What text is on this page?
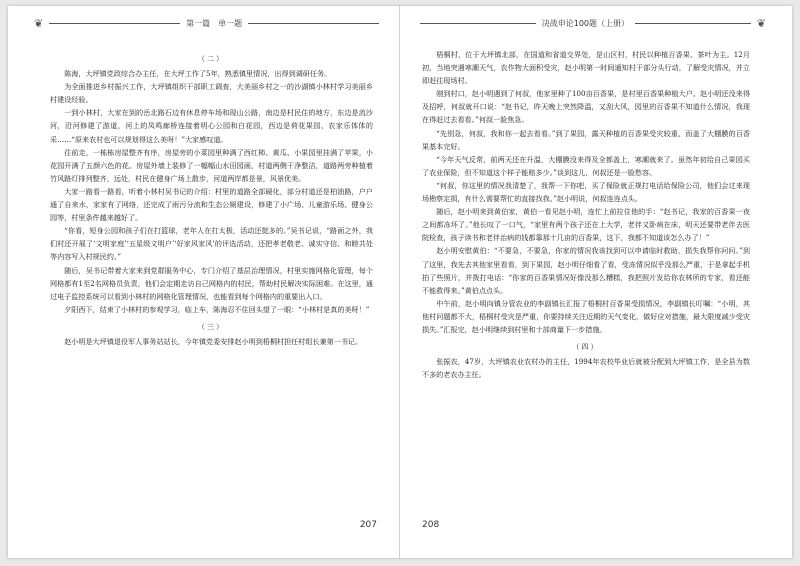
❦	第一篇　单一题

（二）

陈海，大坪镇党政综合办主任，在大坪工作了5年，熟悉镇里情况，出得到调研任务。

为全面推进乡村振兴工作，大坪镇组织干部职工调查，大美丽乡村之一的沙湖镇小林村学习美丽乡村建设经验。

一到小林村，大家在到的岳北路石边有休息停车场和现山公路，南边是村民住的地方，东边是流沙河，沿河修建了游道，河上的凤鸣廊桥连接着明心公园和白花园，西边是荷花果园、农家乐体体的采……“原来农村也可以规划得这么美呀！”大家感叹道。

往前走，一栋栋房屋整齐有序，房屋旁的小菜园里种满了西红柿、黄瓜、小果园里挂满了苹果，小花园开满了五颜六色的花。房屋外墙上装修了一幅幅山水田园画，村道两侧干净整洁，道路两旁种植着竹风路灯排列整齐，远处，村民在健身广场上散步，河道两岸都是景，风景优美。

大家一路看一路看，听着小林村吴书记的介绍：村里的道路全部硬化，部分村道还是柏油路，户户通了自来水，家家有了网络，还完成了雨污分流和生态公厕建设，修建了小广场、儿童游乐场、健身公园等，村里条件越来越好了。

“你看，短身公园和孩子们在打篮球，老年人在打太极，活动还挺多的。”吴书记说，“路面之外，我们村还开展了‘文明家庭’‘五星级文明户’‘好家风家风’的评选活动，还把孝老敬老、诚实守信、和睦共处等内容写入村规民约。”

随后，吴书记带着大家来到党群服务中心，专门介绍了基层治理情况，村里实施网格化管理，每个网格都有1至2名网格员负责，他们会定期走访自己网格内的村民，帮助村民解决实际困难。在这里，通过电子监控系统可以看到小林村的网格化管理情况，也能看到每个网格内的重要出入口。

夕阳西下，结束了小林村的参观学习，临上车，陈海忍不住回头望了一眼：“小林村是真的美呀！”

（三）

赵小明是大坪镇退役军人事务站站长，今年镇党委安排赵小明到梧桐村担任村组长兼第一书记。

207
决战申论100题（上册）	❦

梧桐村，位于大坪镇北部，在国道和省道交界处，是山区村，村民以种植百香果、茶叶为主。12月初，当地突遇寒潮天气，农作物大面积受灾，赵小明第一时间通知村干部分头行动，了解受灾情况，并立即赶往现场村。

刚到村口，赵小明遇到了何叔，他家里种了100亩百香果，是村里百香果种植大户。赵小明还没来得及招呼，何叔就开口说：“赵书记，昨天晚上突然降温，又刮大风，园里的百香果不知道什么情况，我现在得赶过去看看。”何叔一脸焦急。

“先别急，何叔，我和你一起去看看。”到了果园，露天种植的百香果受灾较重，而盖了大棚膜的百香果基本完好。

“今年天气反常，前两天还在升温，大棚膜没来得及全都盖上，寒潮就来了。虽然年初给自己果园买了农业保险，但不知道这个样子能赔多少。”谈到这儿，何叔还是一脸愁容。

“何叔，你这里的情况我清楚了，我帮一下你吧，买了保险就正规打电话给保险公司，他们会过来现场勘察定损，有什么需要帮忙的直接找我。”赵小明说，何叔连连点头。

随后，赵小明来到黄伯家，黄伯一看见赵小明，连忙上前拉住他的手：“赵书记，我家的百香果一夜之间都冻坏了。”他长叹了一口气，“家里有两个孩子还在上大学，老伴又卧病在床，明天还要带老伴去医院检查，孩子读书和老伴治病的钱都靠那十几亩的百香果，这下，我都不知道该怎么办了！”

赵小明安慰黄伯：“不要急，不要急，你家的情况我该找到可以申请临时救助，损失我帮你问问。”到了这里，我先去其他家里看看，到下果园，赵小明仔细看了看，受冻情况似乎没那么严重，于是拿起手机拍了些照片，并拨打电话：“你家的百香果情况好像没那么糟糕，我把照片发给你农林所的专家，看还能不能救得来。”黄伯点点头。

中午前，赵小明向镇分管农业的李副镇长汇报了梧桐村百香果受损情况，李副镇长叮嘱：“小明，其他村问题都不大，梧桐村受灾是严重，你要持续关注近期的天气变化，做好应对措施，最大限度减少受灾损失。”汇报完，赵小明继续到村里和十部商量下一步措施。

（四）

张振农，47岁，大坪镇农业农村办的主任，1994年农校毕业后就被分配到大坪镇工作，是全县为数不多的老农办主任。

208
